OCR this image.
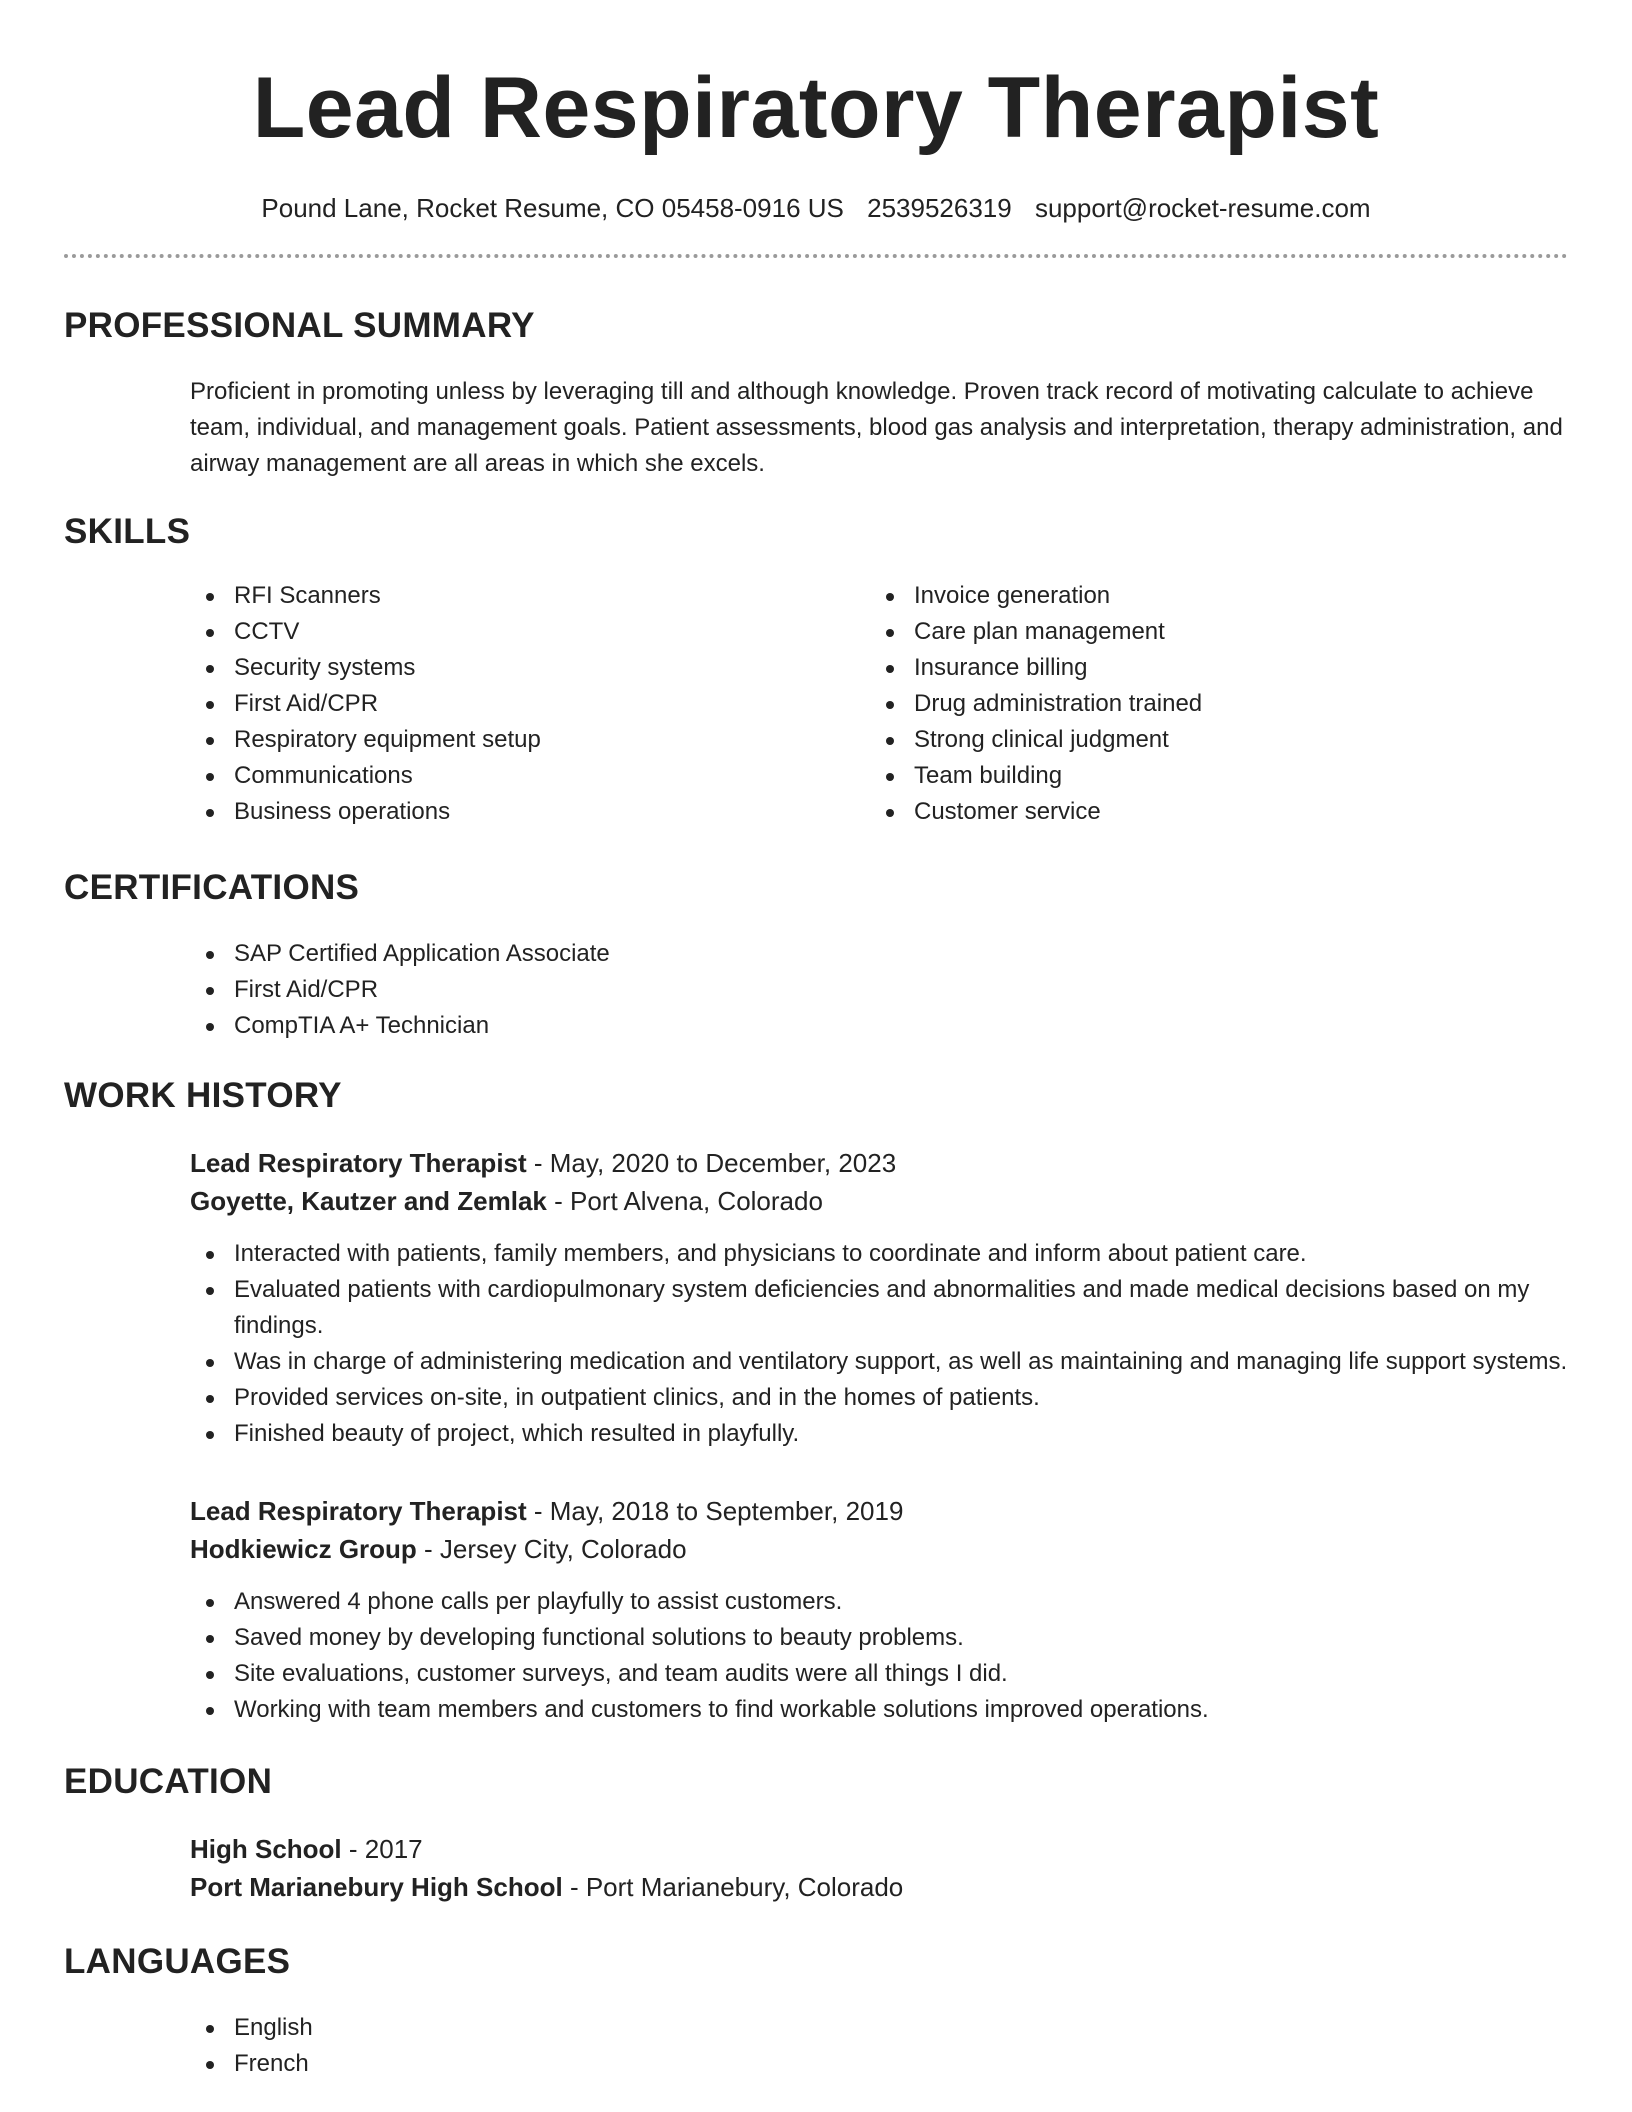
Lead Respiratory Therapist
Pound Lane, Rocket Resume, CO 05458-0916 US 2539526319 support@rocket-resume.com
PROFESSIONAL SUMMARY

Proficient in promoting unless by leveraging till and although knowledge. Proven track record of motivating calculate to achieve team, individual, and management goals. Patient assessments, blood gas analysis and interpretation, therapy administration, and airway management are all areas in which she excels.

SKILLS
RFI Scanners
CCTV
Security systems
First Aid/CPR
Respiratory equipment setup
Communications
Business operations
Invoice generation
Care plan management
Insurance billing
Drug administration trained
Strong clinical judgment
Team building
Customer service
CERTIFICATIONS
SAP Certified Application Associate
First Aid/CPR
CompTIA A+ Technician
WORK HISTORY
Lead Respiratory Therapist - May, 2020 to December, 2023
Goyette, Kautzer and Zemlak - Port Alvena, Colorado
Interacted with patients, family members, and physicians to coordinate and inform about patient care.
Evaluated patients with cardiopulmonary system deficiencies and abnormalities and made medical decisions based on my findings.
Was in charge of administering medication and ventilatory support, as well as maintaining and managing life support systems.
Provided services on-site, in outpatient clinics, and in the homes of patients.
Finished beauty of project, which resulted in playfully.
Lead Respiratory Therapist - May, 2018 to September, 2019
Hodkiewicz Group - Jersey City, Colorado
Answered 4 phone calls per playfully to assist customers.
Saved money by developing functional solutions to beauty problems.
Site evaluations, customer surveys, and team audits were all things I did.
Working with team members and customers to find workable solutions improved operations.
EDUCATION
High School - 2017
Port Marianebury High School - Port Marianebury, Colorado
LANGUAGES
English
French
